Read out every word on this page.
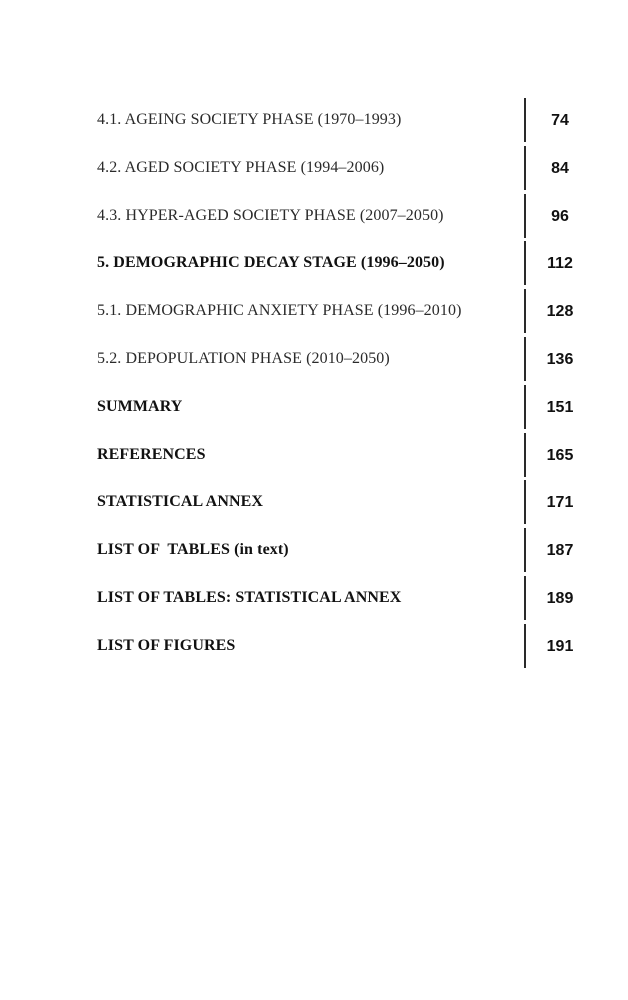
4.1. AGEING SOCIETY PHASE (1970–1993)	74
4.2. AGED SOCIETY PHASE (1994–2006)	84
4.3. HYPER-AGED SOCIETY PHASE (2007–2050)	96
5. DEMOGRAPHIC DECAY STAGE (1996–2050)	112
5.1. DEMOGRAPHIC ANXIETY PHASE (1996–2010)	128
5.2. DEPOPULATION PHASE (2010–2050)	136
SUMMARY	151
REFERENCES	165
STATISTICAL ANNEX	171
LIST OF  TABLES (in text)	187
LIST OF TABLES: STATISTICAL ANNEX	189
LIST OF FIGURES	191
